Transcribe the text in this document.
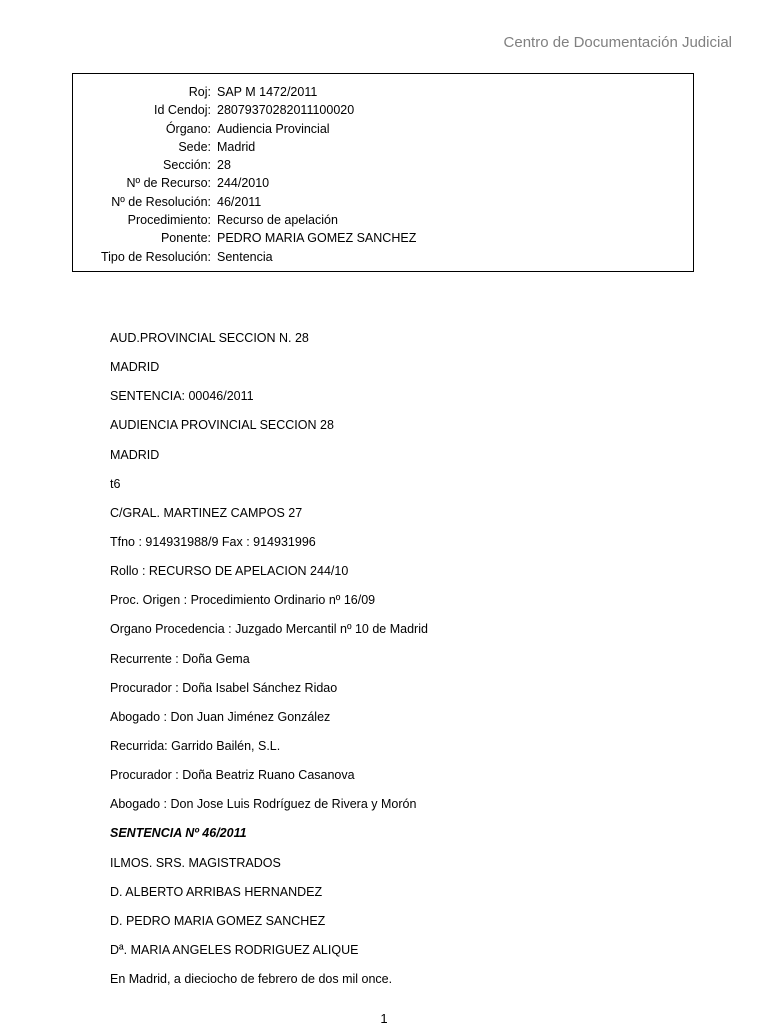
Centro de Documentación Judicial
Roj: SAP M 1472/2011
Id Cendoj: 28079370282011100020
Órgano: Audiencia Provincial
Sede: Madrid
Sección: 28
Nº de Recurso: 244/2010
Nº de Resolución: 46/2011
Procedimiento: Recurso de apelación
Ponente: PEDRO MARIA GOMEZ SANCHEZ
Tipo de Resolución: Sentencia
AUD.PROVINCIAL SECCION N. 28
MADRID
SENTENCIA: 00046/2011
AUDIENCIA PROVINCIAL SECCION 28
MADRID
t6
C/GRAL. MARTINEZ CAMPOS 27
Tfno : 914931988/9 Fax : 914931996
Rollo : RECURSO DE APELACION 244/10
Proc. Origen : Procedimiento Ordinario nº 16/09
Organo Procedencia : Juzgado Mercantil nº 10 de Madrid
Recurrente : Doña Gema
Procurador : Doña Isabel Sánchez Ridao
Abogado : Don Juan Jiménez González
Recurrida: Garrido Bailén, S.L.
Procurador : Doña Beatriz Ruano Casanova
Abogado : Don Jose Luis Rodríguez de Rivera y Morón
SENTENCIA Nº 46/2011
ILMOS. SRS. MAGISTRADOS
D. ALBERTO ARRIBAS HERNANDEZ
D. PEDRO MARIA GOMEZ SANCHEZ
Dª. MARIA ANGELES RODRIGUEZ ALIQUE
En Madrid, a dieciocho de febrero de dos mil once.
1
